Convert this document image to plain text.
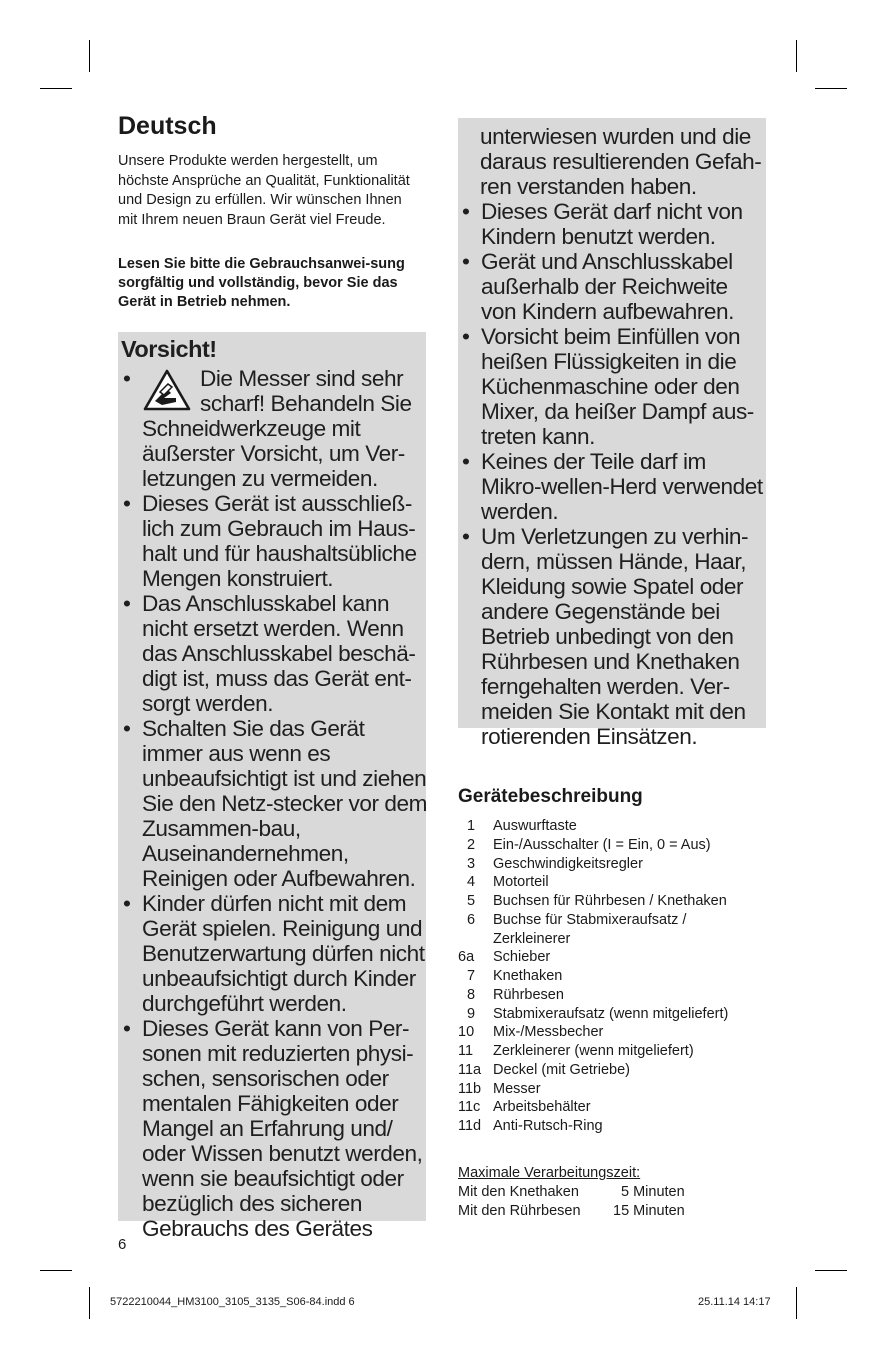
Deutsch

Unsere Produkte werden hergestellt, um höchste Ansprüche an Qualität, Funktionalität und Design zu erfüllen. Wir wünschen Ihnen mit Ihrem neuen Braun Gerät viel Freude.

Lesen Sie bitte die Gebrauchsanwei-sung sorgfältig und vollständig, bevor Sie das Gerät in Betrieb nehmen.

Vorsicht!

•	Die Messer sind sehr scharf! Behandeln Sie Schneidwerkzeuge mit äußerster Vorsicht, um Ver-letzungen zu vermeiden.
• Dieses Gerät ist ausschließ-lich zum Gebrauch im Haus-halt und für haushaltsübliche Mengen konstruiert.
• Das Anschlusskabel kann nicht ersetzt werden. Wenn das Anschlusskabel beschä-digt ist, muss das Gerät ent-sorgt werden.
• Schalten Sie das Gerät immer aus wenn es unbeaufsichtigt ist und ziehen Sie den Netz-stecker vor dem Zusammen-bau, Auseinandernehmen, Reinigen oder Aufbewahren.
• Kinder dürfen nicht mit dem Gerät spielen. Reinigung und Benutzerwartung dürfen nicht unbeaufsichtigt durch Kinder durchgeführt werden.
• Dieses Gerät kann von Per-sonen mit reduzierten physi-schen, sensorischen oder mentalen Fähigkeiten oder Mangel an Erfahrung und/ oder Wissen benutzt werden, wenn sie beaufsichtigt oder bezüglich des sicheren Gebrauchs des Gerätes

unterwiesen wurden und die daraus resultierenden Gefah-ren verstanden haben.

• Dieses Gerät darf nicht von Kindern benutzt werden.
• Gerät und Anschlusskabel außerhalb der Reichweite von Kindern aufbewahren.
• Vorsicht beim Einfüllen von heißen Flüssigkeiten in die Küchenmaschine oder den Mixer, da heißer Dampf aus-treten kann.
• Keines der Teile darf im Mikro-wellen-Herd verwendet werden.
• Um Verletzungen zu verhin-dern, müssen Hände, Haar, Kleidung sowie Spatel oder andere Gegenstände bei Betrieb unbedingt von den Rührbesen und Knethaken ferngehalten werden. Ver-meiden Sie Kontakt mit den rotierenden Einsätzen.
Gerätebeschreibung
1	Auswurftaste
2	Ein-/Ausschalter (I = Ein, 0 = Aus)
3	Geschwindigkeitsregler
4	Motorteil
5	Buchsen für Rührbesen / Knethaken
6	Buchse für Stabmixeraufsatz /
Zerkleinerer
6a	Schieber
7	Knethaken
8	Rührbesen
9	Stabmixeraufsatz (wenn mitgeliefert)
10	Mix-/Messbecher
11	Zerkleinerer (wenn mitgeliefert)
11a Deckel (mit Getriebe)
11b Messer
11c Arbeitsbehälter
11d Anti-Rutsch-Ring
Maximale Verarbeitungszeit:
Mit den Knethaken	5 Minuten
Mit den Rührbesen	15 Minuten
6
5722210044_HM3100_3105_3135_S06-84.indd 6	25.11.14 14:17
